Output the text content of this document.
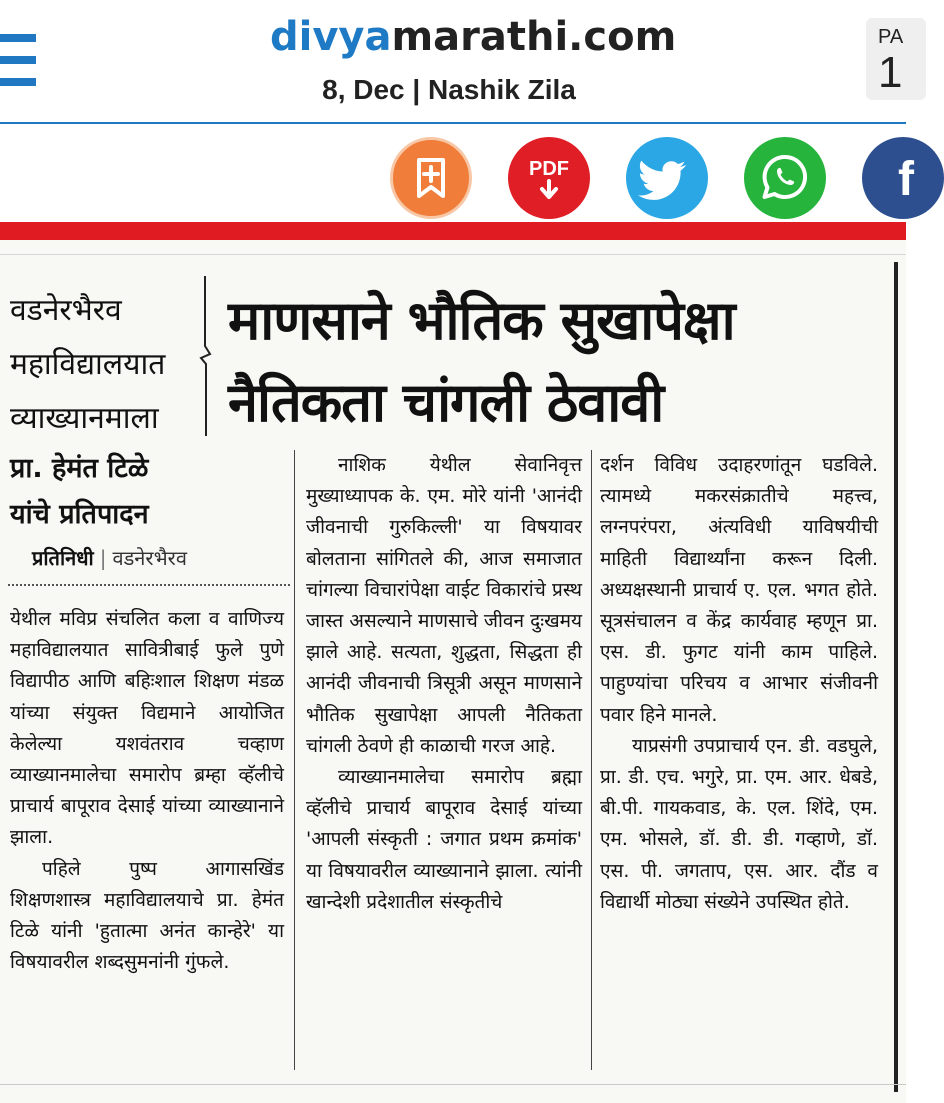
divyamarathi.com
8, Dec | Nashik Zila
PA
1
PDF	f
वडनेरभैरव
महाविद्यालयात
व्याख्यानमाला
प्रा. हेमंत टिळे
यांचे प्रतिपादन
माणसाने भौतिक सुखापेक्षा
नैतिकता चांगली ठेवावी
प्रतिनिधी | वडनेरभैरव

येथील मविप्र संचलित कला व वाणिज्य महाविद्यालयात सावित्रीबाई फुले पुणे विद्यापीठ आणि बहिःशाल शिक्षण मंडळ यांच्या संयुक्त विद्यमाने आयोजित केलेल्या यशवंतराव चव्हाण व्याख्यानमालेचा समारोप ब्रम्हा व्हॅलीचे प्राचार्य बापूराव देसाई यांच्या व्याख्यानाने झाला.

पहिले पुष्प आगासखिंड शिक्षणशास्त्र महाविद्यालयाचे प्रा. हेमंत टिळे यांनी 'हुतात्मा अनंत कान्हेरे' या विषयावरील शब्दसुमनांनी गुंफले.

नाशिक येथील सेवानिवृत्त मुख्याध्यापक के. एम. मोरे यांनी 'आनंदी जीवनाची गुरुकिल्ली' या विषयावर बोलताना सांगितले की, आज समाजात चांगल्या विचारांपेक्षा वाईट विकारांचे प्रस्थ जास्त असल्याने माणसाचे जीवन दुःखमय झाले आहे. सत्यता, शुद्धता, सिद्धता ही आनंदी जीवनाची त्रिसूत्री असून माणसाने भौतिक सुखापेक्षा आपली नैतिकता चांगली ठेवणे ही काळाची गरज आहे.

व्याख्यानमालेचा समारोप ब्रह्मा व्हॅलीचे प्राचार्य बापूराव देसाई यांच्या 'आपली संस्कृती : जगात प्रथम क्रमांक' या विषयावरील व्याख्यानाने झाला. त्यांनी खान्देशी प्रदेशातील संस्कृतीचे

दर्शन विविध उदाहरणांतून घडविले. त्यामध्ये मकरसंक्रातीचे महत्त्व, लग्नपरंपरा, अंत्यविधी याविषयीची माहिती विद्यार्थ्यांना करून दिली. अध्यक्षस्थानी प्राचार्य ए. एल. भगत होते. सूत्रसंचालन व केंद्र कार्यवाह म्हणून प्रा. एस. डी. फुगट यांनी काम पाहिले. पाहुण्यांचा परिचय व आभार संजीवनी पवार हिने मानले.

याप्रसंगी उपप्राचार्य एन. डी. वडघुले, प्रा. डी. एच. भगुरे, प्रा. एम. आर. धेबडे, बी.पी. गायकवाड, के. एल. शिंदे, एम. एम. भोसले, डॉ. डी. डी. गव्हाणे, डॉ. एस. पी. जगताप, एस. आर. दौंड व विद्यार्थी मोठ्या संख्येने उपस्थित होते.
